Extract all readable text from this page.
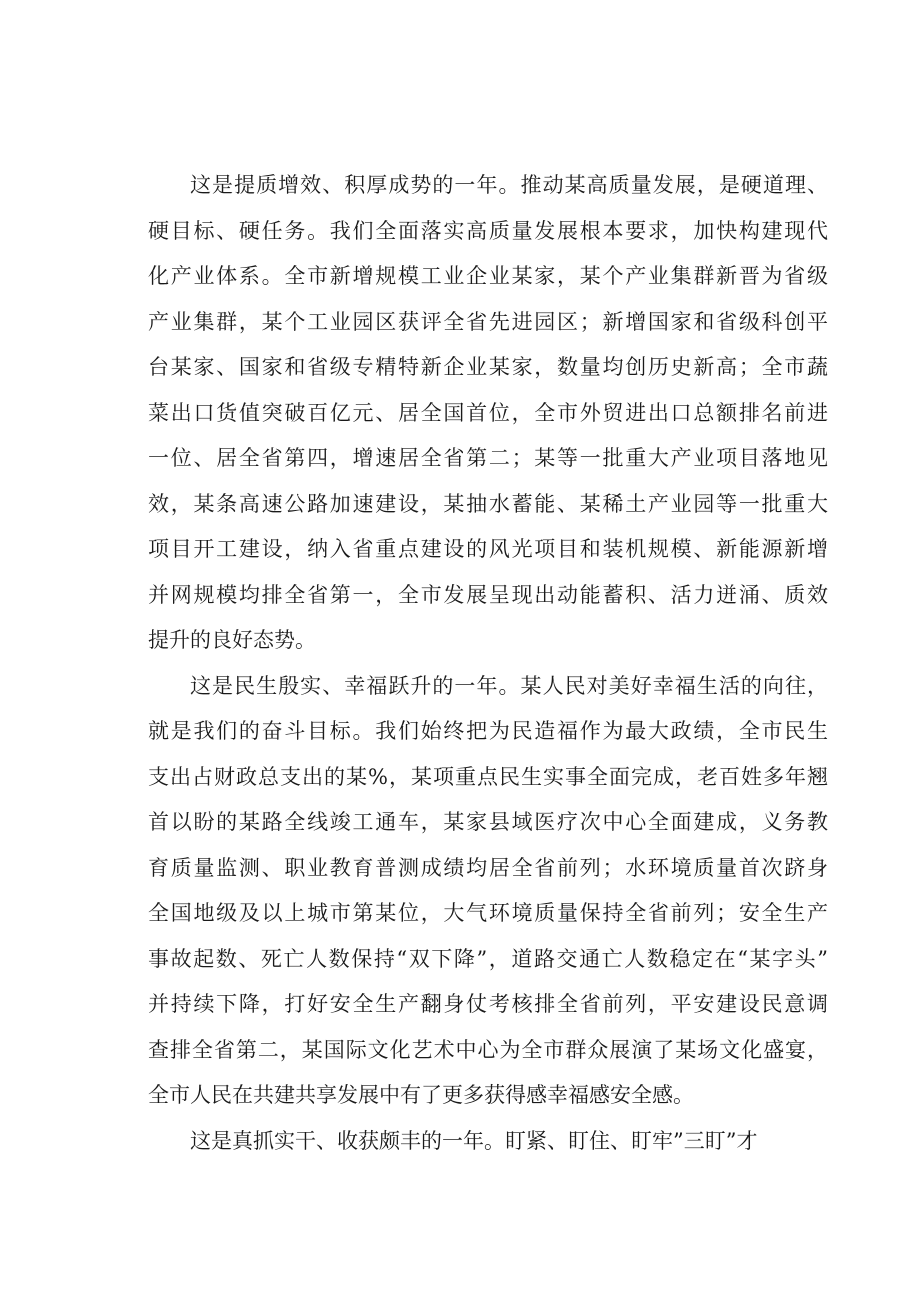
这是提质增效、积厚成势的一年。推动某高质量发展，是硬道理、
硬目标、硬任务。我们全面落实高质量发展根本要求，加快构建现代
化产业体系。全市新增规模工业企业某家，某个产业集群新晋为省级
产业集群，某个工业园区获评全省先进园区；新增国家和省级科创平
台某家、国家和省级专精特新企业某家，数量均创历史新高；全市蔬
菜出口货值突破百亿元、居全国首位，全市外贸进出口总额排名前进
一位、居全省第四，增速居全省第二；某等一批重大产业项目落地见
效，某条高速公路加速建设，某抽水蓄能、某稀土产业园等一批重大
项目开工建设，纳入省重点建设的风光项目和装机规模、新能源新增
并网规模均排全省第一，全市发展呈现出动能蓄积、活力迸涌、质效
提升的良好态势。
这是民生殷实、幸福跃升的一年。某人民对美好幸福生活的向往，
就是我们的奋斗目标。我们始终把为民造福作为最大政绩，全市民生
支出占财政总支出的某%，某项重点民生实事全面完成，老百姓多年翘
首以盼的某路全线竣工通车，某家县域医疗次中心全面建成，义务教
育质量监测、职业教育普测成绩均居全省前列；水环境质量首次跻身
全国地级及以上城市第某位，大气环境质量保持全省前列；安全生产
事故起数、死亡人数保持“双下降”，道路交通亡人数稳定在“某字头”
并持续下降，打好安全生产翻身仗考核排全省前列，平安建设民意调
查排全省第二，某国际文化艺术中心为全市群众展演了某场文化盛宴，
全市人民在共建共享发展中有了更多获得感幸福感安全感。
这是真抓实干、收获颇丰的一年。盯紧、盯住、盯牢”三盯”才
